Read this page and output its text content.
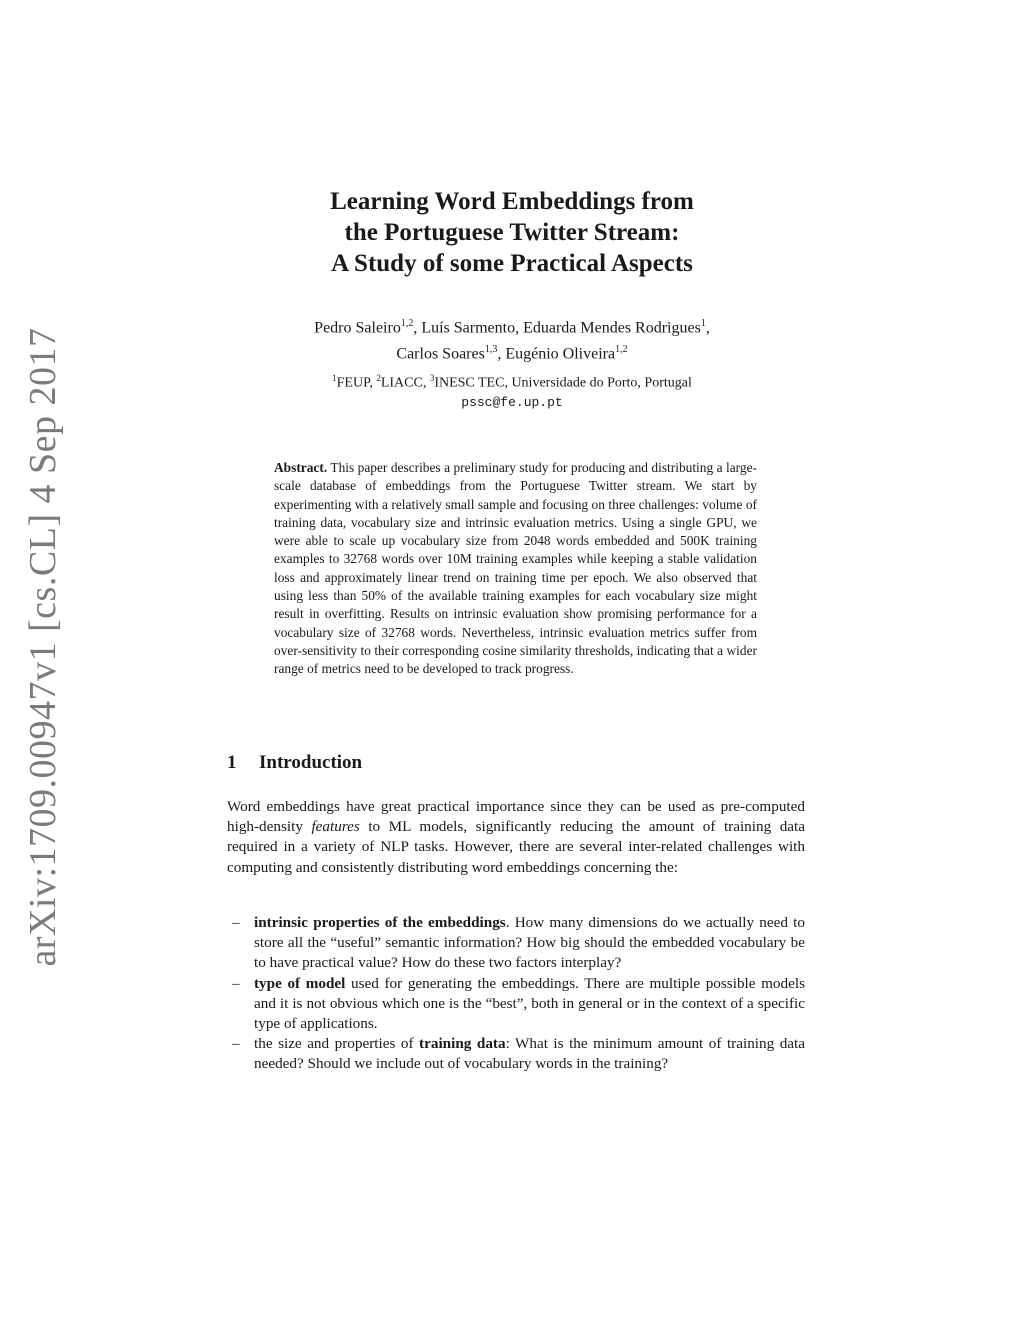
arXiv:1709.00947v1 [cs.CL] 4 Sep 2017
Learning Word Embeddings from
the Portuguese Twitter Stream:
A Study of some Practical Aspects
Pedro Saleiro$^{1,2}$, Luís Sarmento, Eduarda Mendes Rodrigues$^1$,
Carlos Soares$^{1,3}$, Eugénio Oliveira$^{1,2}$
$^1$FEUP, $^2$LIACC, $^3$INESC TEC, Universidade do Porto, Portugal
pssc@fe.up.pt
Abstract. This paper describes a preliminary study for producing and distributing a large-scale database of embeddings from the Portuguese Twitter stream. We start by experimenting with a relatively small sample and focusing on three challenges: volume of training data, vocabulary size and intrinsic evaluation metrics. Using a single GPU, we were able to scale up vocabulary size from 2048 words embedded and 500K training examples to 32768 words over 10M training examples while keeping a stable validation loss and approximately linear trend on training time per epoch. We also observed that using less than 50% of the available training examples for each vocabulary size might result in overfitting. Results on intrinsic evaluation show promising performance for a vocabulary size of 32768 words. Nevertheless, intrinsic evaluation metrics suffer from over-sensitivity to their corresponding cosine similarity thresholds, indicating that a wider range of metrics need to be developed to track progress.
1 Introduction
Word embeddings have great practical importance since they can be used as pre-computed high-density features to ML models, significantly reducing the amount of training data required in a variety of NLP tasks. However, there are several inter-related challenges with computing and consistently distributing word embeddings concerning the:
– intrinsic properties of the embeddings. How many dimensions do we actually need to store all the “useful” semantic information? How big should the embedded vocabulary be to have practical value? How do these two factors interplay?
– type of model used for generating the embeddings. There are multiple possible models and it is not obvious which one is the “best”, both in general or in the context of a specific type of applications.
– the size and properties of training data: What is the minimum amount of training data needed? Should we include out of vocabulary words in the training?
